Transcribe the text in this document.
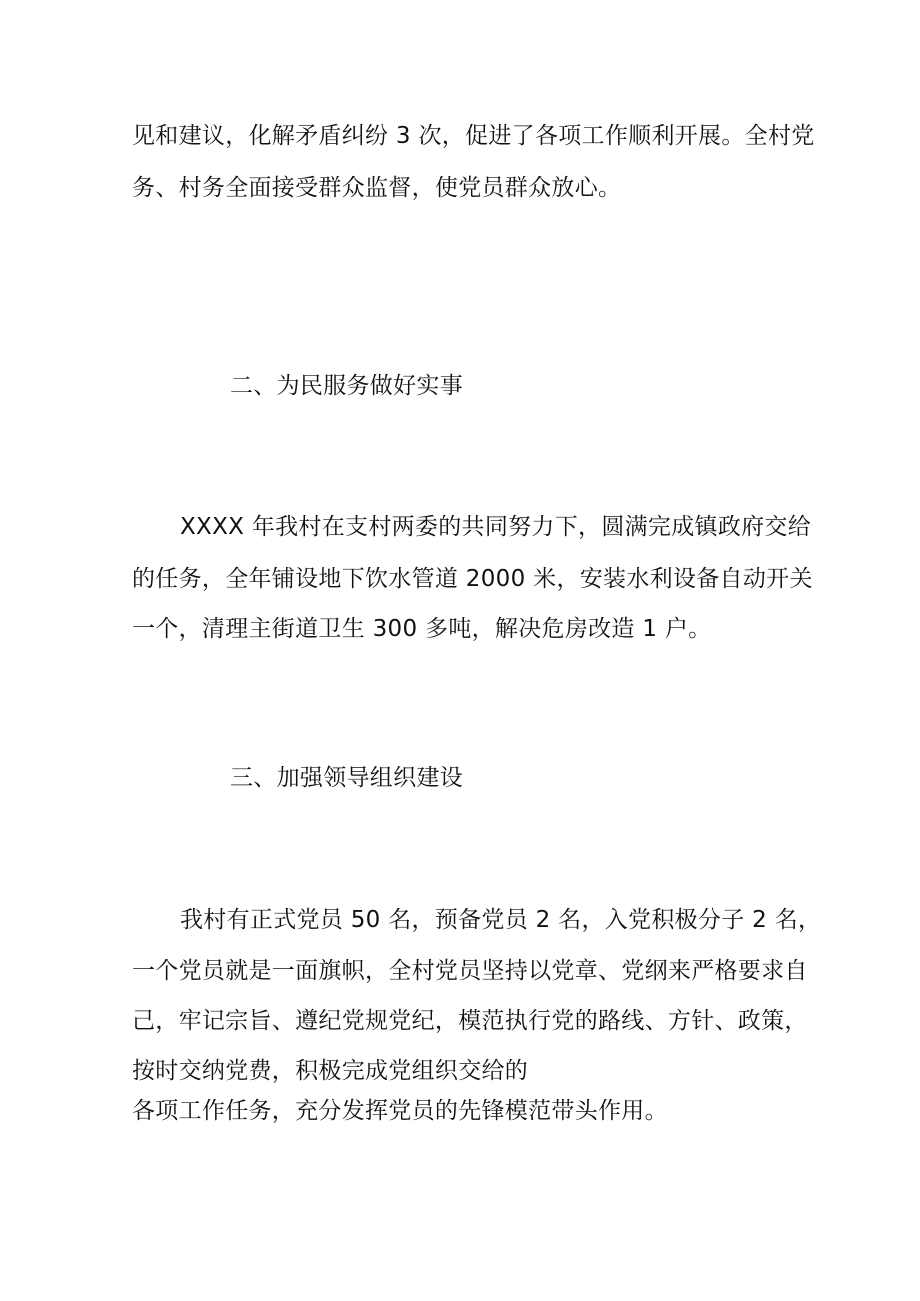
见和建议，化解矛盾纠纷 3 次，促进了各项工作顺利开展。全村党
务、村务全面接受群众监督，使党员群众放心。
二、为民服务做好实事
XXXX 年我村在支村两委的共同努力下，圆满完成镇政府交给
的任务，全年铺设地下饮水管道 2000 米，安装水利设备自动开关
一个，清理主街道卫生 300 多吨，解决危房改造 1 户。
三、加强领导组织建设
我村有正式党员 50 名，预备党员 2 名，入党积极分子 2 名，
一个党员就是一面旗帜，全村党员坚持以党章、党纲来严格要求自
己，牢记宗旨、遵纪党规党纪，模范执行党的路线、方针、政策，
按时交纳党费，积极完成党组织交给的
各项工作任务，充分发挥党员的先锋模范带头作用。
